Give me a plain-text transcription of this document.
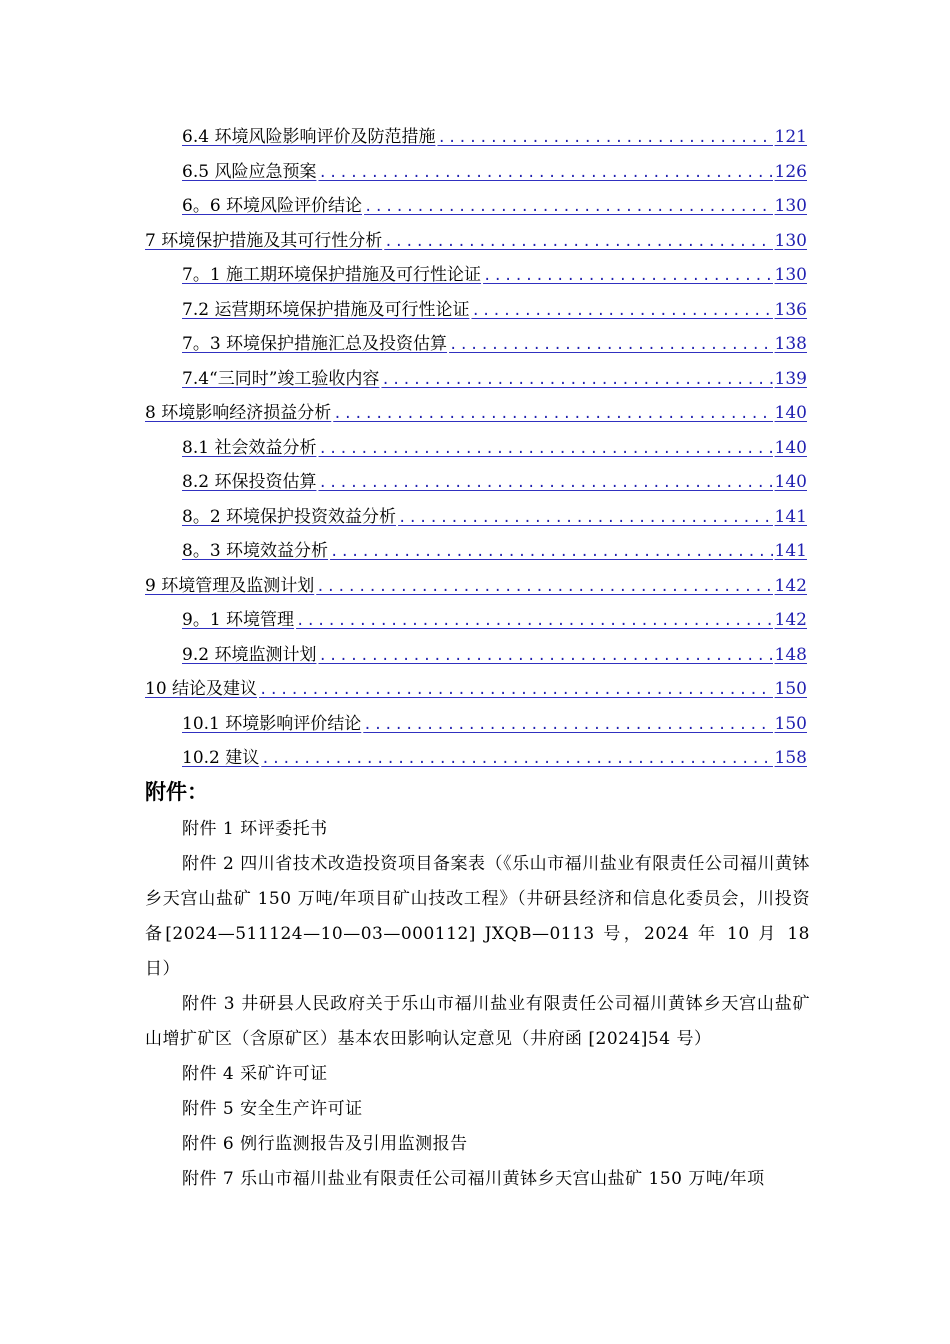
6.4 环境风险影响评价及防范措施 .....	121
6.5 风险应急预案 .....	126
6。6 环境风险评价结论 .....	130
7 环境保护措施及其可行性分析 .....	130
7。1 施工期环境保护措施及可行性论证 .....	130
7.2 运营期环境保护措施及可行性论证 .....	136
7。3 环境保护措施汇总及投资估算 .....	138
7.4“三同时”竣工验收内容 .....	139
8 环境影响经济损益分析 .....	140
8.1 社会效益分析 .....	140
8.2 环保投资估算 .....	140
8。2 环境保护投资效益分析 .....	141
8。3 环境效益分析 .....	141
9 环境管理及监测计划 .....	142
9。1 环境管理 .....	142
9.2 环境监测计划 .....	148
10 结论及建议 .....	150
10.1 环境影响评价结论 .....	150
10.2 建议 .....	158
附件：

附件 1 环评委托书

附件 2 四川省技术改造投资项目备案表（《乐山市福川盐业有限责任公司福川黄钵乡天宫山盐矿 150 万吨/年项目矿山技改工程》（井研县经济和信息化委员会，川投资备[2024—511124—10—03—000112] JXQB—0113 号，2024 年 10 月 18 日）

附件 3 井研县人民政府关于乐山市福川盐业有限责任公司福川黄钵乡天宫山盐矿山增扩矿区（含原矿区）基本农田影响认定意见（井府函 [2024]54 号）

附件 4 采矿许可证

附件 5 安全生产许可证

附件 6 例行监测报告及引用监测报告

附件 7 乐山市福川盐业有限责任公司福川黄钵乡天宫山盐矿 150 万吨/年项
